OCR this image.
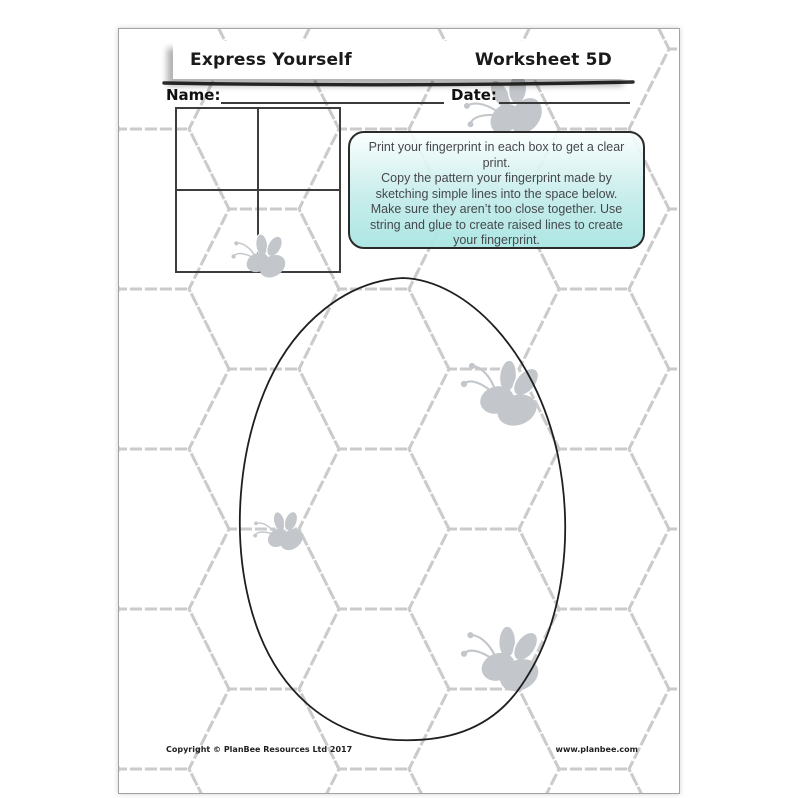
Express Yourself	Worksheet 5D
Name:	Date:

Print your fingerprint in each box to get a clear print.

Copy the pattern your fingerprint made by sketching simple lines into the space below. Make sure they aren’t too close together. Use string and glue to create raised lines to create your fingerprint.

Copyright © PlanBee Resources Ltd 2017	www.planbee.com
